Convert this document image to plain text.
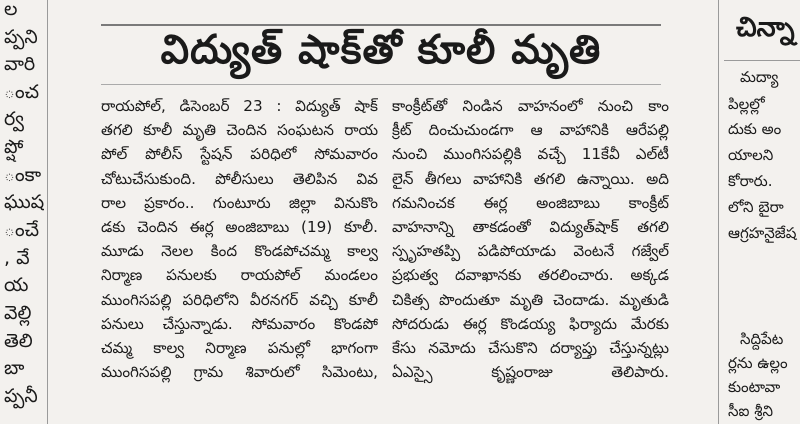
ల
ప్పని
వారి
ంచ
ర్వ
ప్షో
ంకా
ఘుష
ంచే
, వే
య
వెల్లి
తెలి
బా
ప్పనీ
విద్యుత్ షాక్‌తో కూలీ మృతి
రాయపోల్, డిసెంబర్ 23 : విద్యుత్ షాక్
తగలి కూలీ మృతి చెందిన సంఘటన రాయ
పోల్ పోలీస్ స్టేషన్ పరిధిలో సోమవారం
చోటుచేసుకుంది. పోలీసులు తెలిపిన వివ
రాల ప్రకారం.. గుంటూరు జిల్లా వినుకొం
డకు చెందిన ఈర్ల అంజిబాబు (19) కూలీ.
మూడు నెలల కింద కొండపోచమ్మ కాల్వ
నిర్మాణ పనులకు రాయపోల్ మండలం
ముంగిసపల్లి పరిధిలోని వీరనగర్ వచ్చి కూలీ
పనులు చేస్తున్నాడు. సోమవారం కొండపో
చమ్మ కాల్వ నిర్మాణ పనుల్లో భాగంగా
ముంగిసపల్లి గ్రామ శివారులో సిమెంటు,
కాంక్రీట్‌తో నిండిన వాహనంలో నుంచి కాం
క్రీట్ దించుచుండగా ఆ వాహానికి ఆరేపల్లి
నుంచి ముంగిసపల్లికి వచ్చే 11కేవీ ఎల్‌టీ
లైన్ తీగలు వాహానికి తగలి ఉన్నాయి. అది
గమనించక ఈర్ల అంజిబాబు కాంక్రీట్
వాహనాన్ని తాకడంతో విద్యుత్‌షాక్ తగలి
స్పృహతప్పి పడిపోయాడు వెంటనే గజ్వేల్
ప్రభుత్వ దవాఖానకు తరలించారు. అక్కడ
చికిత్స పొందుతూ మృతి చెందాడు. మృతుడి
సోదరుడు ఈర్ల కొండయ్య ఫిర్యాదు మేరకు
కేసు నమోదు చేసుకొని దర్యాప్తు చేస్తున్నట్లు
ఏఎస్సై కృష్ణంరాజు తెలిపారు.
చిన్నా
మద్యా
పిల్లల్లో
దుకు అం
యాలని
కోరారు.
లోని బైరా
ఆగ్రహనైజేష
సిద్దిపేట
ర్లను ఉల్లం
కుంటావా
సీఐ శ్రీని
